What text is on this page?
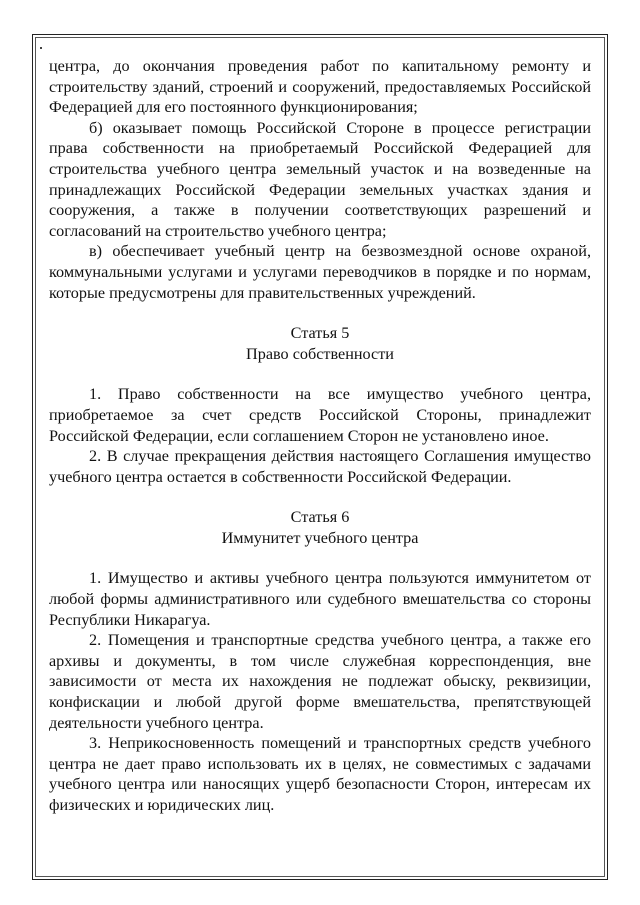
центра, до окончания проведения работ по капитальному ремонту и строительству зданий, строений и сооружений, предоставляемых Российской Федерацией для его постоянного функционирования;

б) оказывает помощь Российской Стороне в процессе регистрации права собственности на приобретаемый Российской Федерацией для строительства учебного центра земельный участок и на возведенные на принадлежащих Российской Федерации земельных участках здания и сооружения, а также в получении соответствующих разрешений и согласований на строительство учебного центра;

в) обеспечивает учебный центр на безвозмездной основе охраной, коммунальными услугами и услугами переводчиков в порядке и по нормам, которые предусмотрены для правительственных учреждений.

Статья 5

Право собственности

1. Право собственности на все имущество учебного центра, приобретаемое за счет средств Российской Стороны, принадлежит Российской Федерации, если соглашением Сторон не установлено иное.

2. В случае прекращения действия настоящего Соглашения имущество учебного центра остается в собственности Российской Федерации.

Статья 6

Иммунитет учебного центра

1. Имущество и активы учебного центра пользуются иммунитетом от любой формы административного или судебного вмешательства со стороны Республики Никарагуа.

2. Помещения и транспортные средства учебного центра, а также его архивы и документы, в том числе служебная корреспонденция, вне зависимости от места их нахождения не подлежат обыску, реквизиции, конфискации и любой другой форме вмешательства, препятствующей деятельности учебного центра.

3. Неприкосновенность помещений и транспортных средств учебного центра не дает право использовать их в целях, не совместимых с задачами учебного центра или наносящих ущерб безопасности Сторон, интересам их физических и юридических лиц.
